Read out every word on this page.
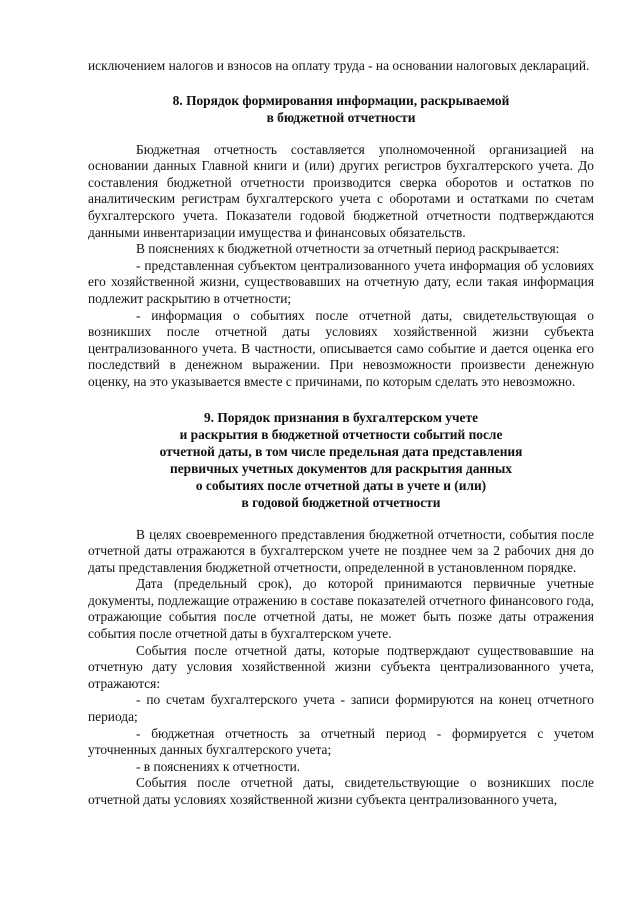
исключением налогов и взносов на оплату труда - на основании налоговых деклараций.

8. Порядок формирования информации, раскрываемой
в бюджетной отчетности

Бюджетная отчетность составляется уполномоченной организацией на основании данных Главной книги и (или) других регистров бухгалтерского учета. До составления бюджетной отчетности производится сверка оборотов и остатков по аналитическим регистрам бухгалтерского учета с оборотами и остатками по счетам бухгалтерского учета. Показатели годовой бюджетной отчетности подтверждаются данными инвентаризации имущества и финансовых обязательств.

В пояснениях к бюджетной отчетности за отчетный период раскрывается:

- представленная субъектом централизованного учета информация об условиях его хозяйственной жизни, существовавших на отчетную дату, если такая информация подлежит раскрытию в отчетности;

- информация о событиях после отчетной даты, свидетельствующая о возникших после отчетной даты условиях хозяйственной жизни субъекта централизованного учета. В частности, описывается само событие и дается оценка его последствий в денежном выражении. При невозможности произвести денежную оценку, на это указывается вместе с причинами, по которым сделать это невозможно.

9. Порядок признания в бухгалтерском учете
и раскрытия в бюджетной отчетности событий после
отчетной даты, в том числе предельная дата представления
первичных учетных документов для раскрытия данных
о событиях после отчетной даты в учете и (или)
в годовой бюджетной отчетности

В целях своевременного представления бюджетной отчетности, события после отчетной даты отражаются в бухгалтерском учете не позднее чем за 2 рабочих дня до даты представления бюджетной отчетности, определенной в установленном порядке.

Дата (предельный срок), до которой принимаются первичные учетные документы, подлежащие отражению в составе показателей отчетного финансового года, отражающие события после отчетной даты, не может быть позже даты отражения события после отчетной даты в бухгалтерском учете.

События после отчетной даты, которые подтверждают существовавшие на отчетную дату условия хозяйственной жизни субъекта централизованного учета, отражаются:

- по счетам бухгалтерского учета - записи формируются на конец отчетного периода;

- бюджетная отчетность за отчетный период - формируется с учетом уточненных данных бухгалтерского учета;

- в пояснениях к отчетности.

События после отчетной даты, свидетельствующие о возникших после отчетной даты условиях хозяйственной жизни субъекта централизованного учета,
